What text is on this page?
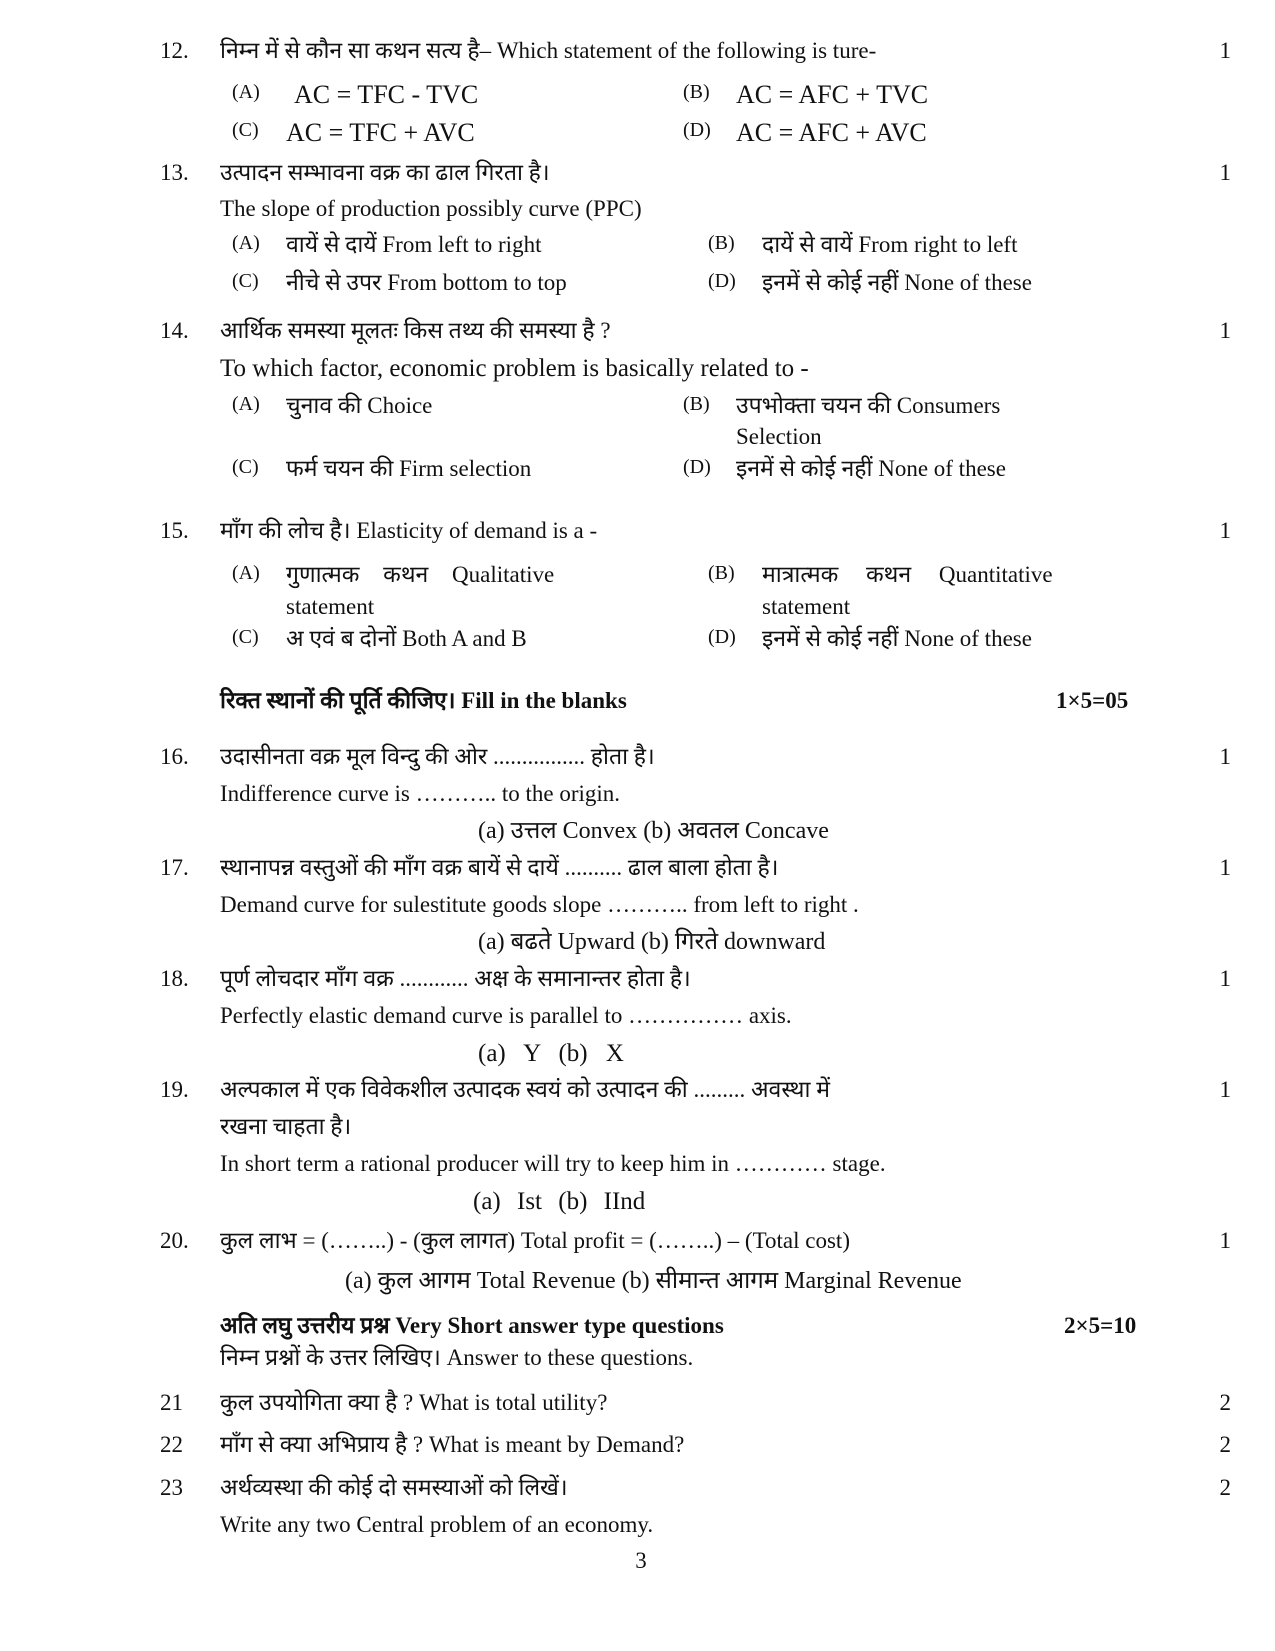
12. निम्न में से कौन सा कथन सत्य है– Which statement of the following is ture-	1
(A) AC = TFC - TVC	(B) AC = AFC + TVC
(C) AC = TFC + AVC	(D) AC = AFC + AVC
13. उत्पादन सम्भावना वक्र का ढाल गिरता है।	1
The slope of production possibly curve (PPC)
(A) वायें से दायें From left to right	(B) दायें से वायें From right to left
(C) नीचे से उपर From bottom to top	(D) इनमें से कोई नहीं None of these
14. आर्थिक समस्या मूलतः किस तथ्य की समस्या है ?	1
To which factor, economic problem is basically related to -
(A) चुनाव की Choice	(B) उपभोक्ता चयन की Consumers
Selection
(C) फर्म चयन की Firm selection	(D) इनमें से कोई नहीं None of these
15. माँग की लोच है। Elasticity of demand is a -	1
(A) गुणात्मक कथन Qualitative
statement
(B) मात्रात्मक कथन Quantitative
statement
(C) अ एवं ब दोनों Both A and B	(D) इनमें से कोई नहीं None of these
रिक्त स्थानों की पूर्ति कीजिए। Fill in the blanks	1×5=05
16. उदासीनता वक्र मूल विन्दु की ओर ................ होता है।	1
Indifference curve is ……….. to the origin.
(a) उत्तल Convex (b) अवतल Concave
17. स्थानापन्न वस्तुओं की माँग वक्र बायें से दायें .......... ढाल बाला होता है।	1
Demand curve for sulestitute goods slope ……….. from left to right .
(a) बढते Upward (b) गिरते downward
18. पूर्ण लोचदार माँग वक्र ............ अक्ष के समानान्तर होता है।	1
Perfectly elastic demand curve is parallel to …………… axis.
(a) Y (b) X
19. अल्पकाल में एक विवेकशील उत्पादक स्वयं को उत्पादन की ......... अवस्था में	1
रखना चाहता है।
In short term a rational producer will try to keep him in ………… stage.
(a) Ist (b) IInd
20. कुल लाभ = (……..) - (कुल लागत) Total profit = (……..) – (Total cost)	1
(a) कुल आगम Total Revenue (b) सीमान्त आगम Marginal Revenue
अति लघु उत्तरीय प्रश्न Very Short answer type questions	2×5=10
निम्न प्रश्नों के उत्तर लिखिए। Answer to these questions.
21 कुल उपयोगिता क्या है ? What is total utility?	2
22 माँग से क्या अभिप्राय है ? What is meant by Demand?	2
23 अर्थव्यस्था की कोई दो समस्याओं को लिखें।	2
Write any two Central problem of an economy.
3
